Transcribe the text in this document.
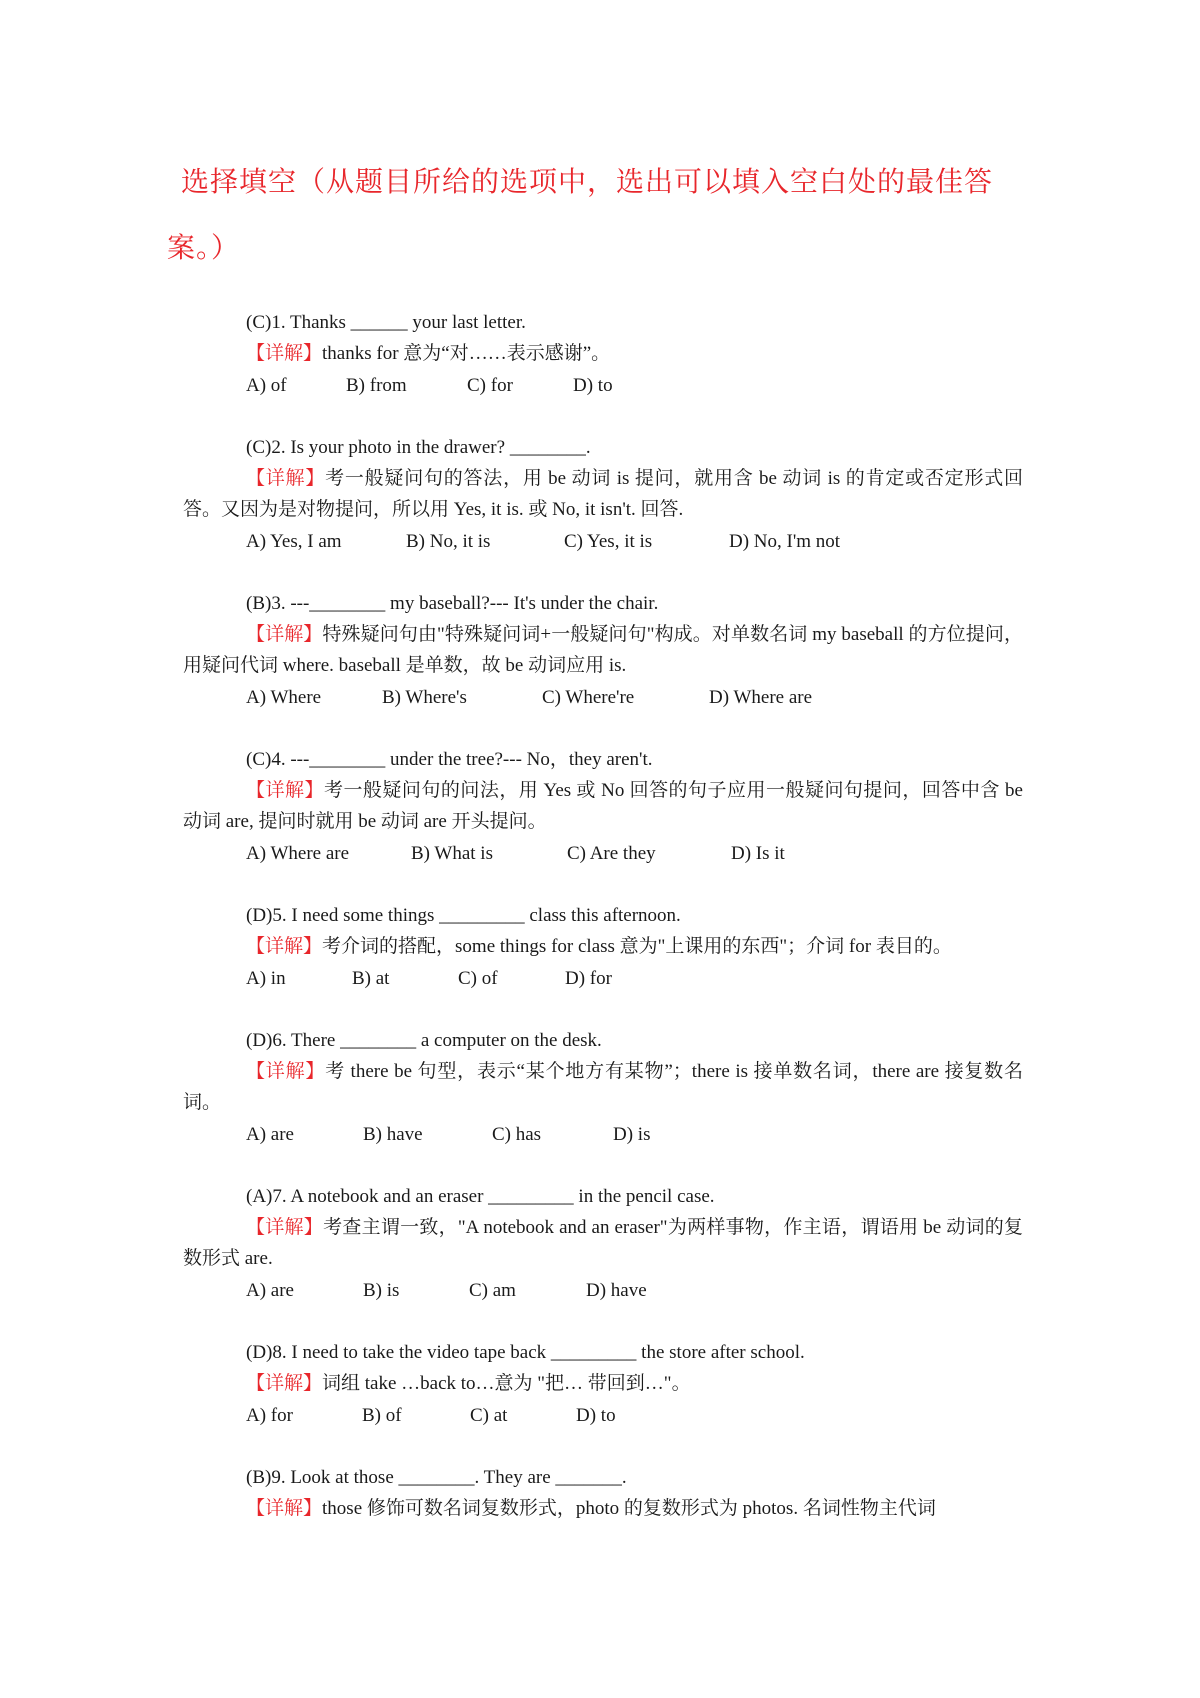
选择填空（从题目所给的选项中，选出可以填入空白处的最佳答案。）
(C)1. Thanks ______ your last letter.
【详解】thanks for 意为“对……表示感谢”。
A) of	B) from	C) for	D) to
(C)2. Is your photo in the drawer? ________.
【详解】考一般疑问句的答法，用 be 动词 is 提问，就用含 be 动词 is 的肯定或否定形式回答。又因为是对物提问，所以用 Yes, it is. 或 No, it isn't. 回答.
A) Yes, I am	B) No, it is	C) Yes, it is	D) No, I'm not
(B)3. ---________ my baseball?--- It's under the chair.
【详解】特殊疑问句由"特殊疑问词+一般疑问句"构成。对单数名词 my baseball 的方位提问，用疑问代词 where. baseball 是单数，故 be 动词应用 is.
A) Where	B) Where's	C) Where're	D) Where are
(C)4. ---________ under the tree?--- No，they aren't.
【详解】考一般疑问句的问法，用 Yes 或 No 回答的句子应用一般疑问句提问，回答中含 be 动词 are, 提问时就用 be 动词 are 开头提问。
A) Where are	B) What is	C) Are they	D) Is it
(D)5. I need some things _________ class this afternoon.
【详解】考介词的搭配，some things for class 意为"上课用的东西"；介词 for 表目的。
A) in	B) at	C) of	D) for
(D)6. There ________ a computer on the desk.
【详解】考 there be 句型，表示“某个地方有某物”；there is 接单数名词，there are 接复数名词。
A) are	B) have	C) has	D) is
(A)7. A notebook and an eraser _________ in the pencil case.
【详解】考查主谓一致，"A notebook and an eraser"为两样事物，作主语，谓语用 be 动词的复数形式 are.
A) are	B) is	C) am	D) have
(D)8. I need to take the video tape back _________ the store after school.
【详解】词组 take …back to…意为 "把… 带回到…"。
A) for	B) of	C) at	D) to
(B)9. Look at those ________. They are _______.
【详解】those 修饰可数名词复数形式，photo 的复数形式为 photos. 名词性物主代词
